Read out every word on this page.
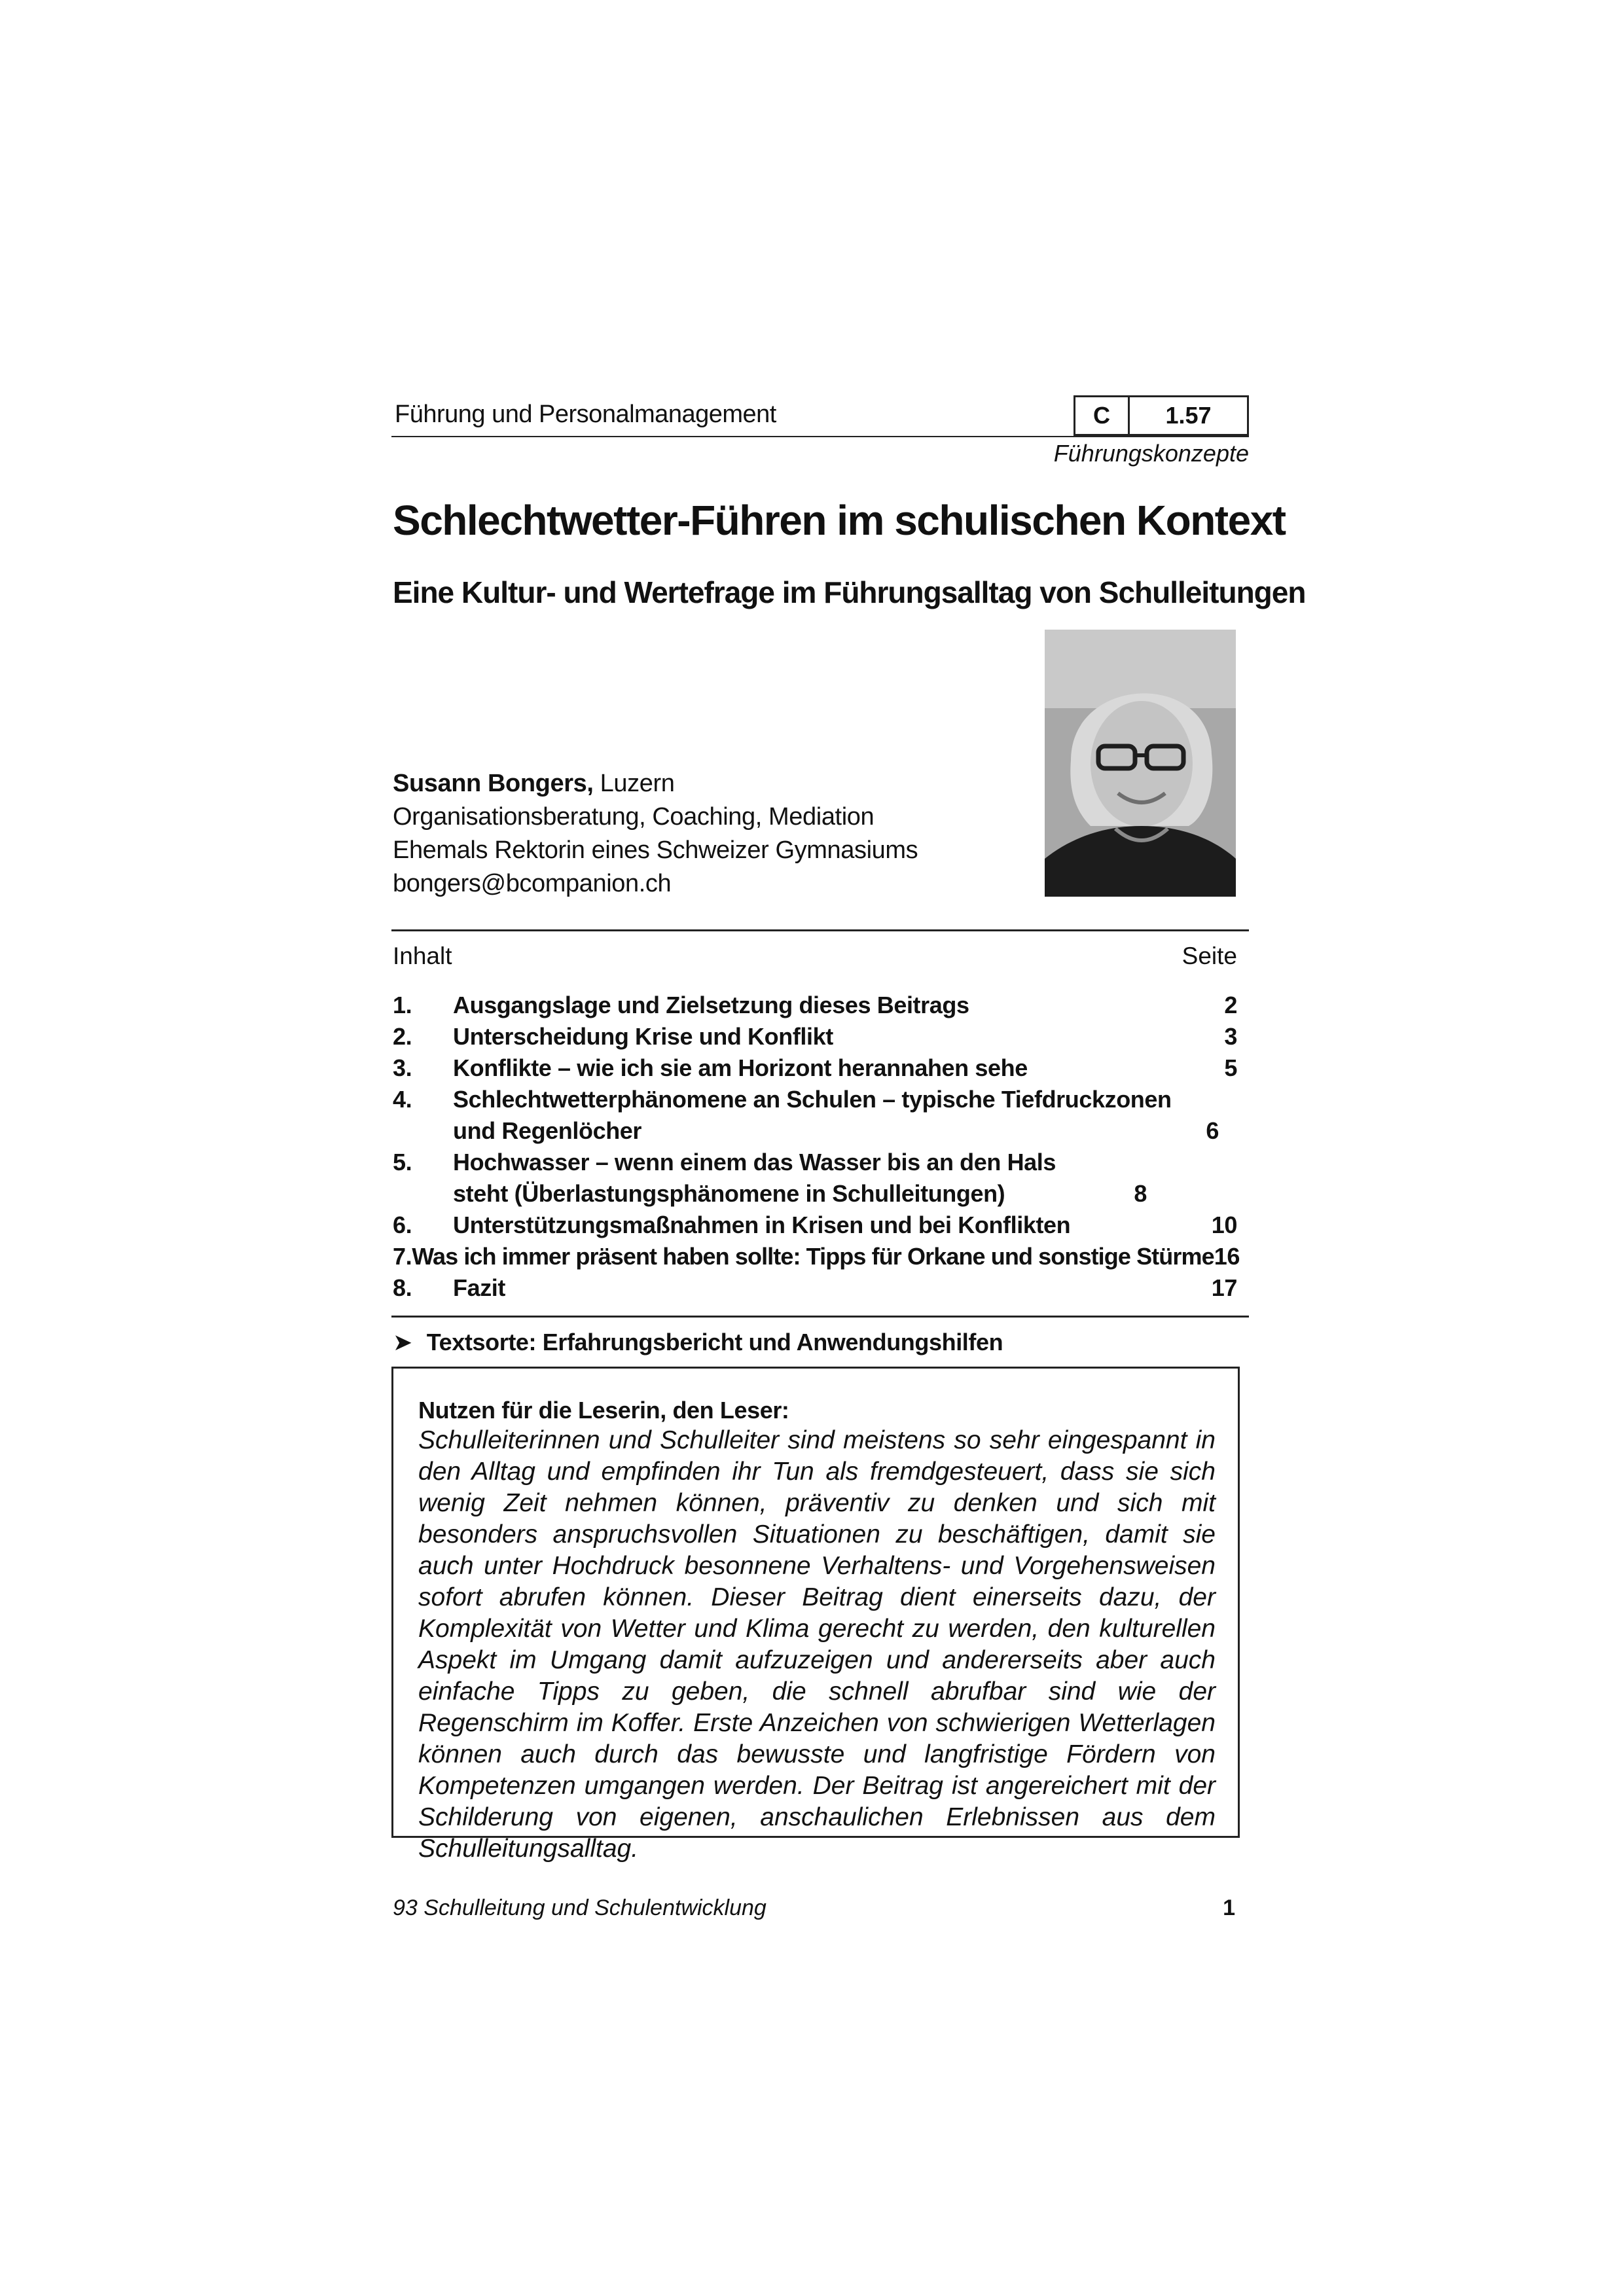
Führung und Personalmanagement	C	1.57
Führungskonzepte
Schlechtwetter-Führen im schulischen Kontext
Eine Kultur- und Wertefrage im Führungsalltag von Schulleitungen
Susann Bongers, Luzern
Organisationsberatung, Coaching, Mediation
Ehemals Rektorin eines Schweizer Gymnasiums
bongers@bcompanion.ch
Inhalt	Seite
1.	Ausgangslage und Zielsetzung dieses Beitrags	2
2.	Unterscheidung Krise und Konflikt	3
3.	Konflikte – wie ich sie am Horizont herannahen sehe	5
4.	Schlechtwetterphänomene an Schulen – typische Tiefdruckzonen und Regenlöcher	6
5.	Hochwasser – wenn einem das Wasser bis an den Hals steht (Überlastungsphänomene in Schulleitungen)	8
6.	Unterstützungsmaßnahmen in Krisen und bei Konflikten	10
7. Was ich immer präsent haben sollte: Tipps für Orkane und sonstige Stürme 16
8.	Fazit	17
➤ Textsorte: Erfahrungsbericht und Anwendungshilfen
Nutzen für die Leserin, den Leser:
Schulleiterinnen und Schulleiter sind meistens so sehr eingespannt in den Alltag und empfinden ihr Tun als fremdgesteuert, dass sie sich wenig Zeit nehmen können, präventiv zu denken und sich mit besonders anspruchsvollen Situationen zu beschäftigen, damit sie auch unter Hochdruck besonnene Verhaltens- und Vorgehensweisen sofort abrufen können. Dieser Beitrag dient einerseits dazu, der Komplexität von Wetter und Klima gerecht zu werden, den kulturellen Aspekt im Umgang damit aufzuzeigen und andererseits aber auch einfache Tipps zu geben, die schnell abrufbar sind wie der Regenschirm im Koffer. Erste Anzeichen von schwierigen Wetterlagen können auch durch das bewusste und langfristige Fördern von Kompetenzen umgangen werden. Der Beitrag ist angereichert mit der Schilderung von eigenen, anschaulichen Erlebnissen aus dem Schulleitungsalltag.
93 Schulleitung und Schulentwicklung	1
